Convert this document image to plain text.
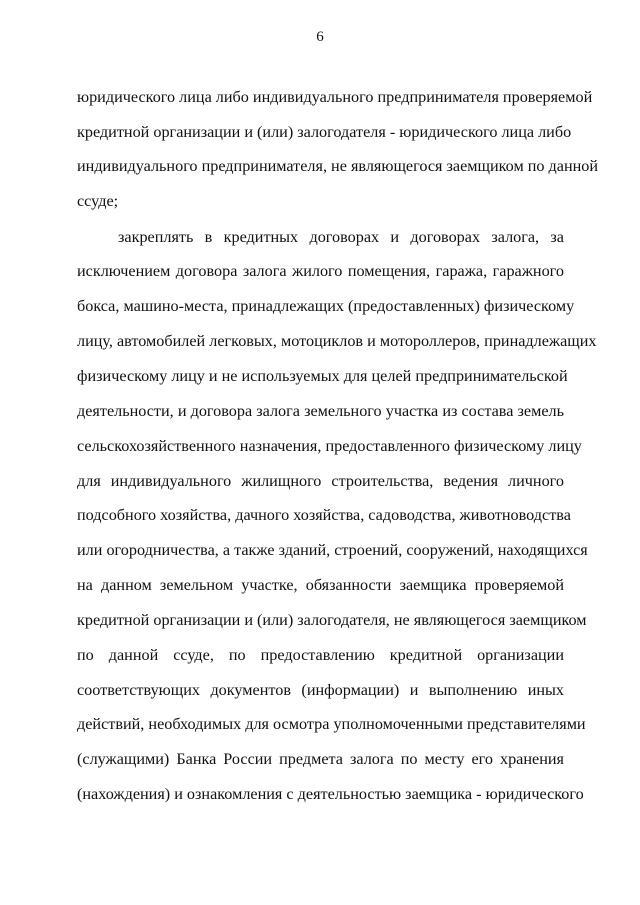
6
юридического лица либо индивидуального предпринимателя проверяемой
кредитной организации и (или) залогодателя - юридического лица либо
индивидуального предпринимателя, не являющегося заемщиком по данной
ссуде;
закреплять в кредитных договорах и договорах залога, за
исключением договора залога жилого помещения, гаража, гаражного
бокса, машино-места, принадлежащих (предоставленных) физическому
лицу, автомобилей легковых, мотоциклов и мотороллеров, принадлежащих
физическому лицу и не используемых для целей предпринимательской
деятельности, и договора залога земельного участка из состава земель
сельскохозяйственного назначения, предоставленного физическому лицу
для индивидуального жилищного строительства, ведения личного
подсобного хозяйства, дачного хозяйства, садоводства, животноводства
или огородничества, а также зданий, строений, сооружений, находящихся
на данном земельном участке, обязанности заемщика проверяемой
кредитной организации и (или) залогодателя, не являющегося заемщиком
по данной ссуде, по предоставлению кредитной организации
соответствующих документов (информации) и выполнению иных
действий, необходимых для осмотра уполномоченными представителями
(служащими) Банка России предмета залога по месту его хранения
(нахождения) и ознакомления с деятельностью заемщика - юридического
